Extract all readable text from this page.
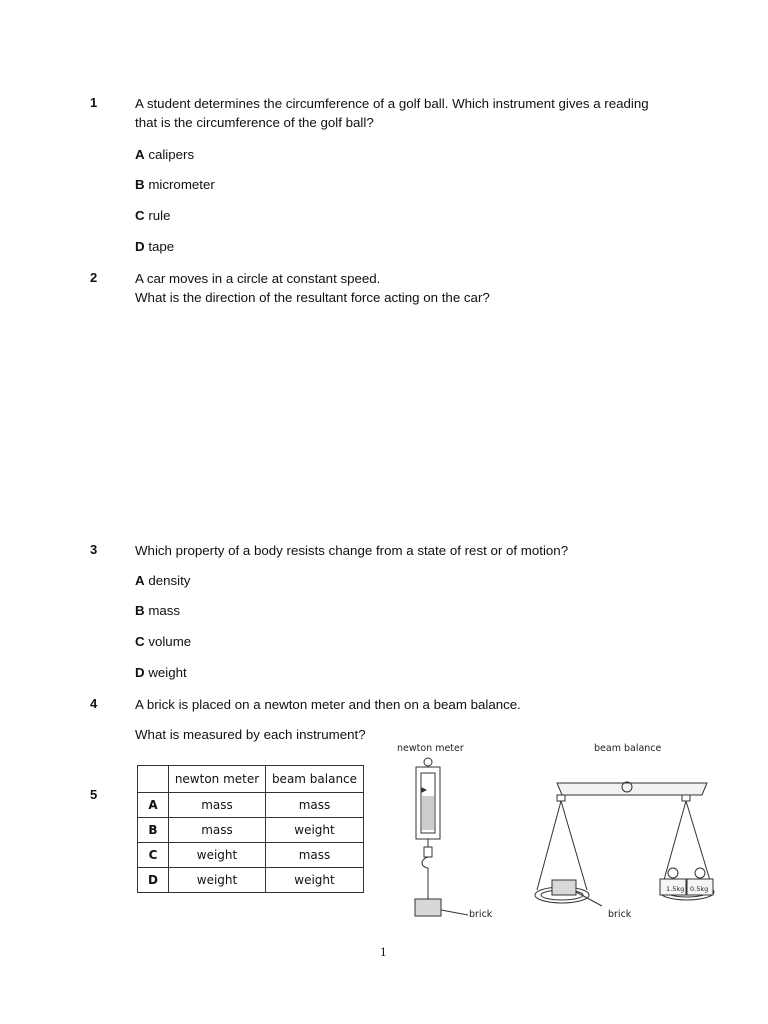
1	A student determines the circumference of a golf ball. Which instrument gives a reading
that is the circumference of the golf ball?
A calipers
B micrometer
C rule
D tape
2	A car moves in a circle at constant speed.
What is the direction of the resultant force acting on the car?
3	Which property of a body resists change from a state of rest or of motion?
A density
B mass
C volume
D weight
4	A brick is placed on a newton meter and then on a beam balance.
What is measured by each instrument?
5
	newton meter	beam balance
A	mass	mass
B	mass	weight
C	weight	mass
D	weight	weight
newton meter	beam balance
brick	brick
1.5kg 0.5kg
1
